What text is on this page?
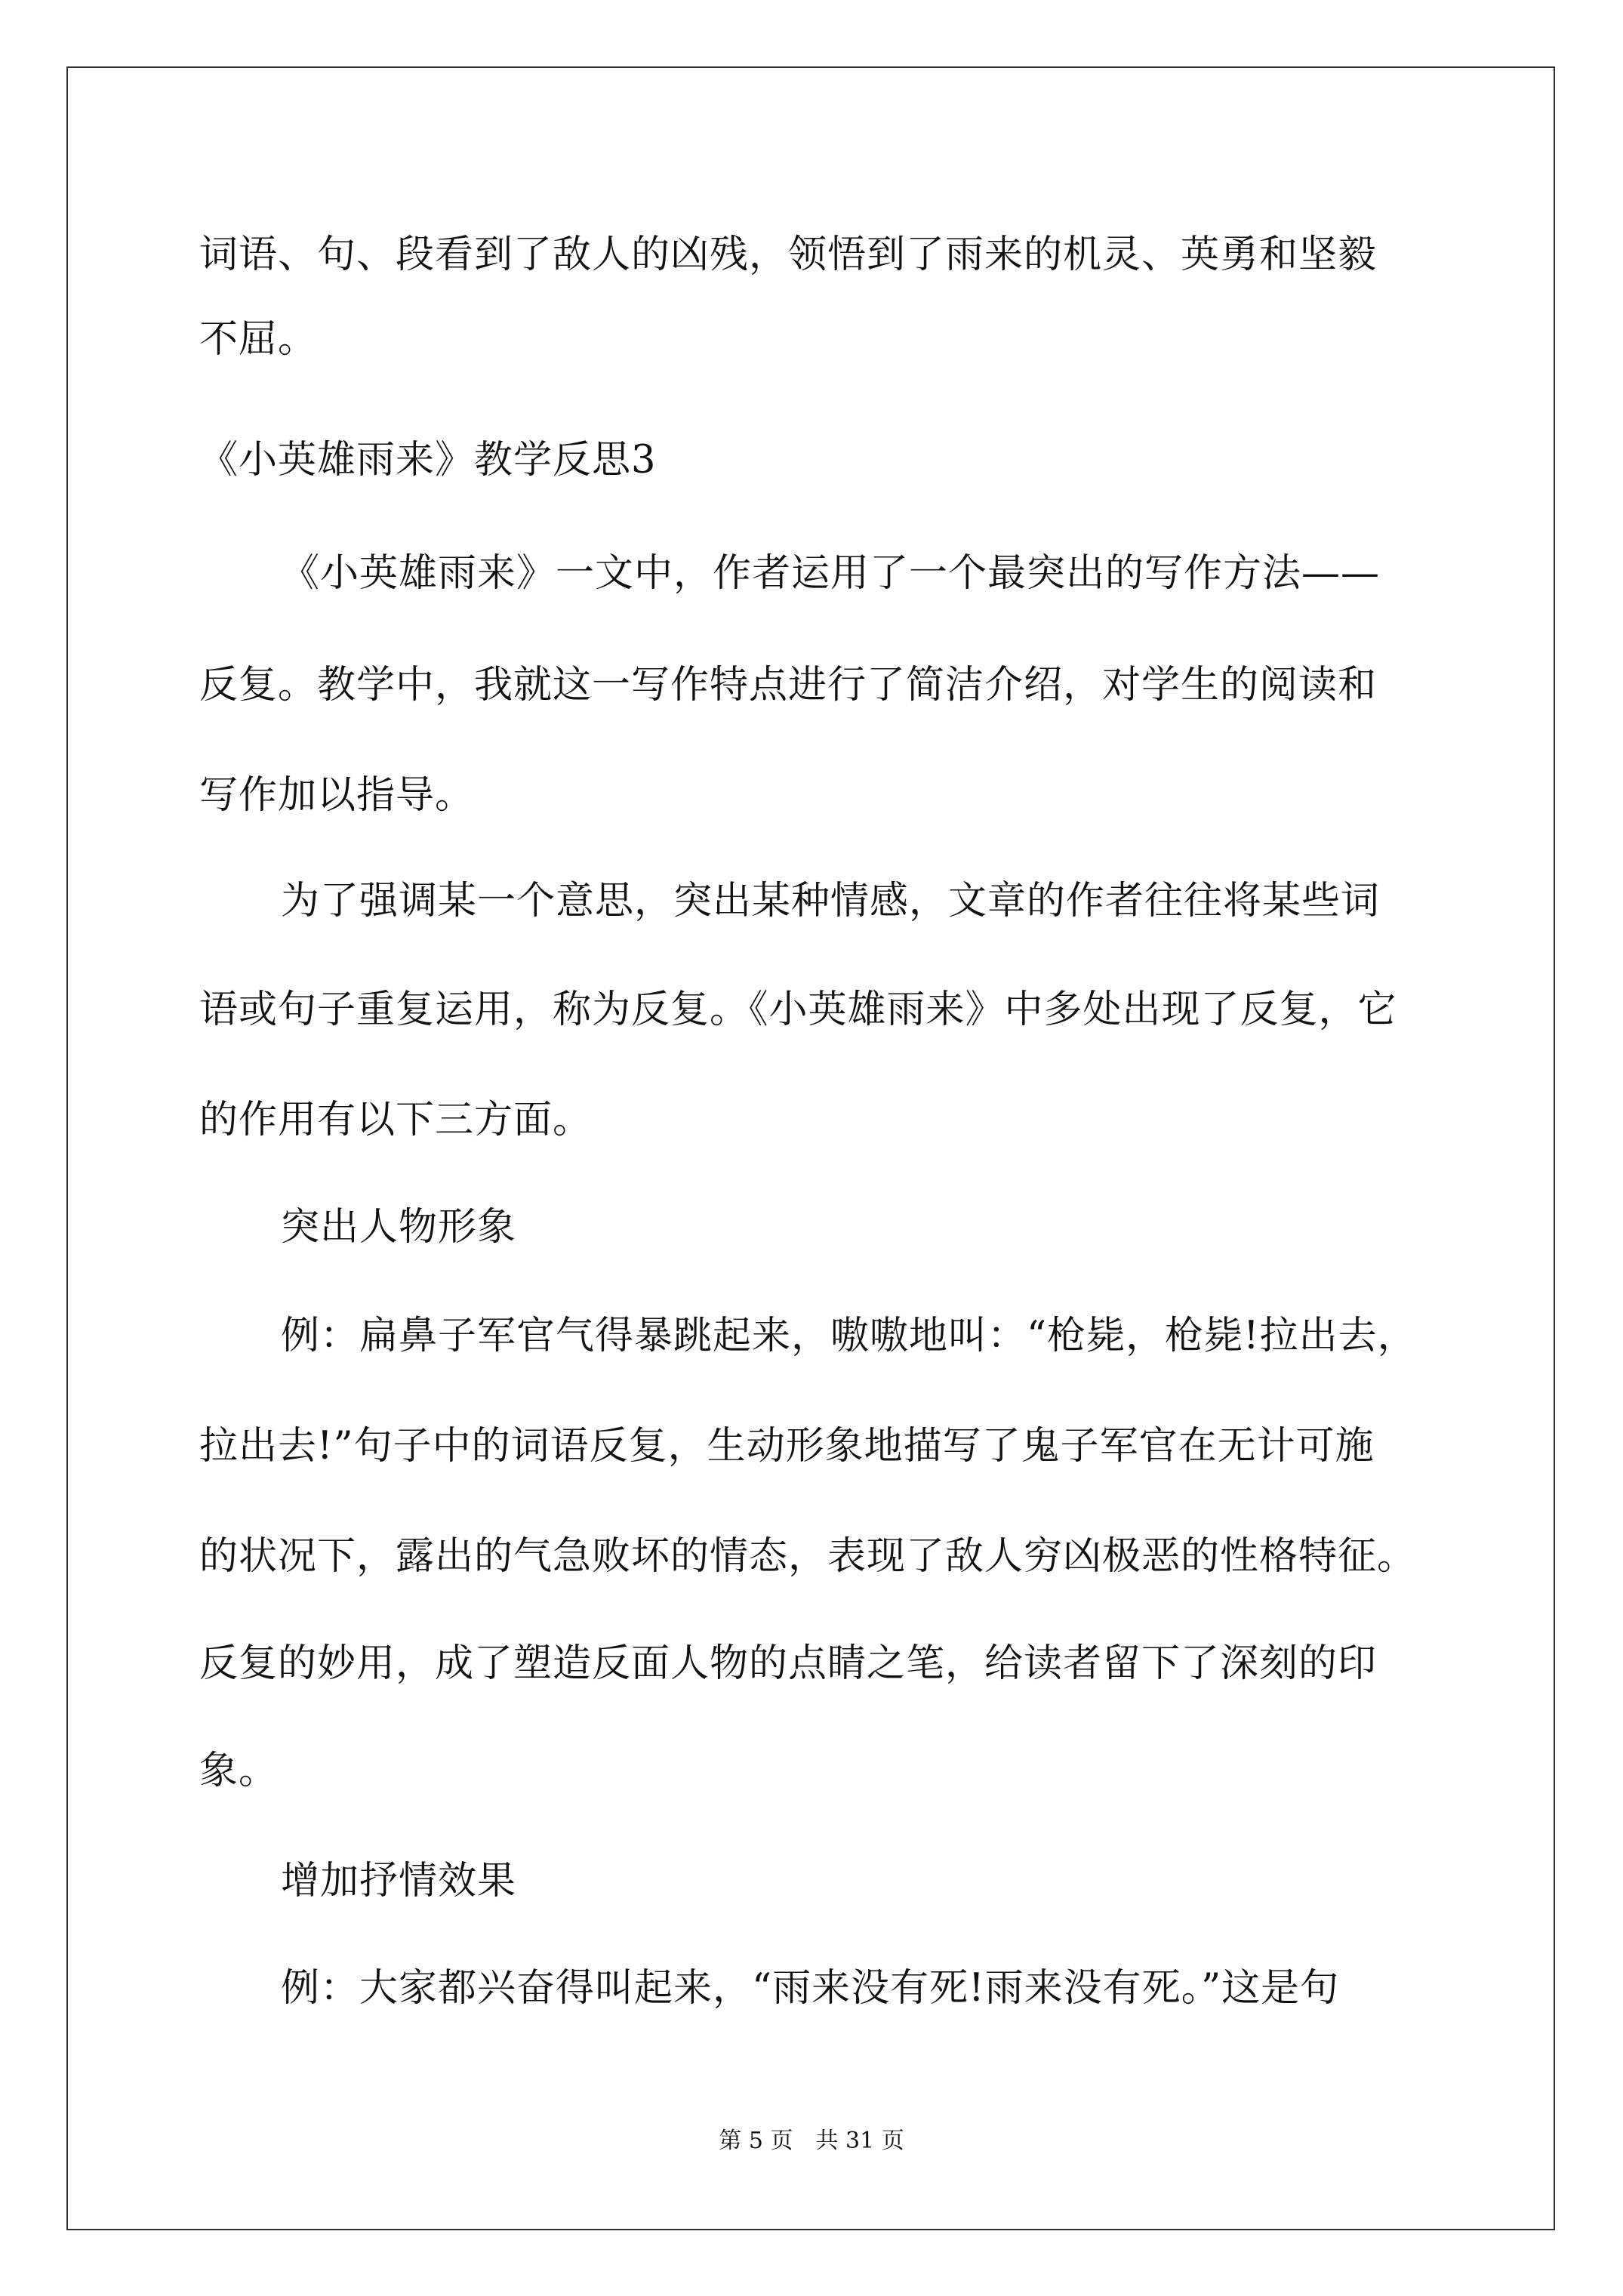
词语、句、段看到了敌人的凶残，领悟到了雨来的机灵、英勇和坚毅
不屈。
《小英雄雨来》教学反思3
《小英雄雨来》一文中，作者运用了一个最突出的写作方法——
反复。教学中，我就这一写作特点进行了简洁介绍，对学生的阅读和
写作加以指导。
为了强调某一个意思，突出某种情感，文章的作者往往将某些词
语或句子重复运用，称为反复。《小英雄雨来》中多处出现了反复，它
的作用有以下三方面。
突出人物形象
例：扁鼻子军官气得暴跳起来，嗷嗷地叫：“枪毙，枪毙!拉出去，
拉出去!”句子中的词语反复，生动形象地描写了鬼子军官在无计可施
的状况下，露出的气急败坏的情态，表现了敌人穷凶极恶的性格特征。
反复的妙用，成了塑造反面人物的点睛之笔，给读者留下了深刻的印
象。
增加抒情效果
例：大家都兴奋得叫起来，“雨来没有死!雨来没有死。”这是句
第 5 页　共 31 页
